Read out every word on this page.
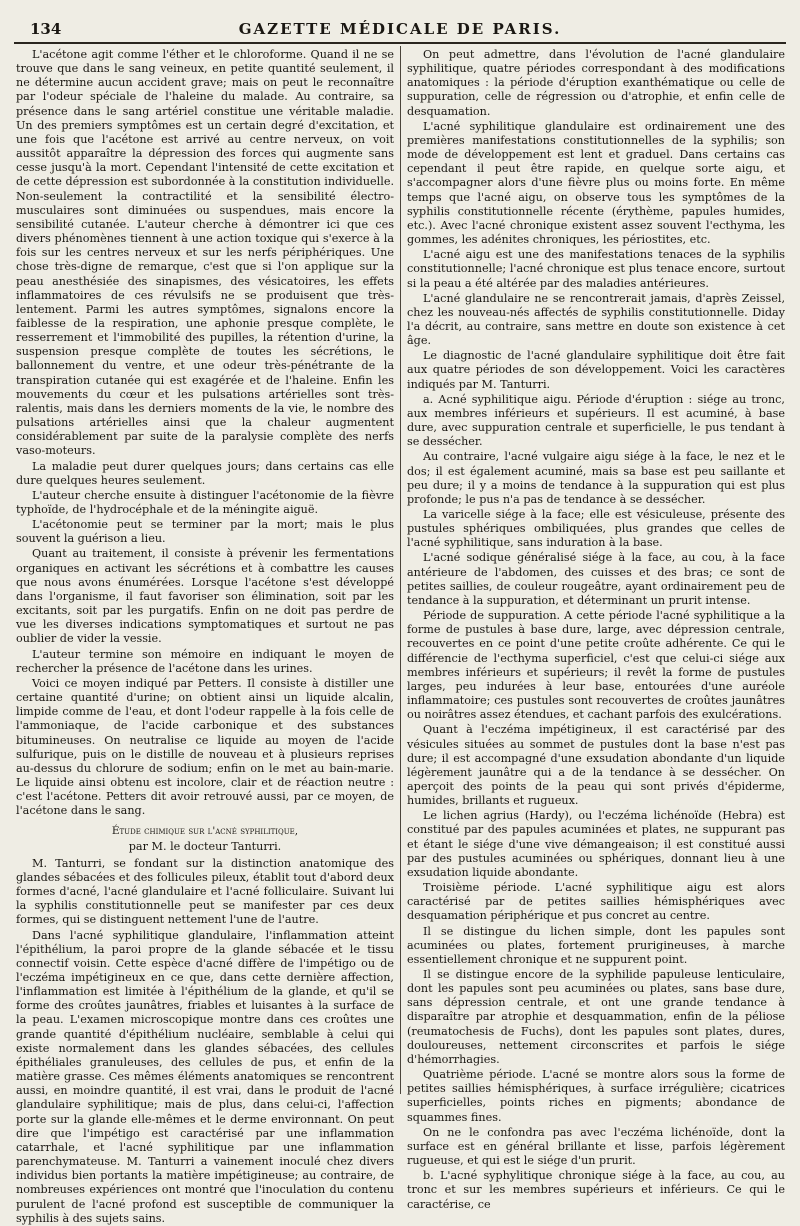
134	GAZETTE MÉDICALE DE PARIS.

L'acétone agit comme l'éther et le chloroforme. Quand il ne se trouve que dans le sang veineux, en petite quantité seulement, il ne détermine aucun accident grave; mais on peut le reconnaître par l'odeur spéciale de l'haleine du malade. Au contraire, sa présence dans le sang artériel constitue une véritable maladie. Un des premiers symptômes est un certain degré d'excitation, et une fois que l'acétone est arrivé au centre nerveux, on voit aussitôt apparaître la dépression des forces qui augmente sans cesse jusqu'à la mort. Cependant l'intensité de cette excitation et de cette dépression est subordonnée à la constitution individuelle. Non-seulement la contractilité et la sensibilité électro-musculaires sont diminuées ou suspendues, mais encore la sensibilité cutanée. L'auteur cherche à démontrer ici que ces divers phénomènes tiennent à une action toxique qui s'exerce à la fois sur les centres nerveux et sur les nerfs périphériques. Une chose très-digne de remarque, c'est que si l'on applique sur la peau anesthésiée des sinapismes, des vésicatoires, les effets inflammatoires de ces révulsifs ne se produisent que très-lentement. Parmi les autres symptômes, signalons encore la faiblesse de la respiration, une aphonie presque complète, le resserrement et l'immobilité des pupilles, la rétention d'urine, la suspension presque complète de toutes les sécrétions, le ballonnement du ventre, et une odeur très-pénétrante de la transpiration cutanée qui est exagérée et de l'haleine. Enfin les mouvements du cœur et les pulsations artérielles sont très-ralentis, mais dans les derniers moments de la vie, le nombre des pulsations artérielles ainsi que la chaleur augmentent considérablement par suite de la paralysie complète des nerfs vaso-moteurs.

La maladie peut durer quelques jours; dans certains cas elle dure quelques heures seulement.

L'auteur cherche ensuite à distinguer l'acétonomie de la fièvre typhoïde, de l'hydrocéphale et de la méningite aiguë.

L'acétonomie peut se terminer par la mort; mais le plus souvent la guérison a lieu.

Quant au traitement, il consiste à prévenir les fermentations organiques en activant les sécrétions et à combattre les causes que nous avons énumérées. Lorsque l'acétone s'est développé dans l'organisme, il faut favoriser son élimination, soit par les excitants, soit par les purgatifs. Enfin on ne doit pas perdre de vue les diverses indications symptomatiques et surtout ne pas oublier de vider la vessie.

L'auteur termine son mémoire en indiquant le moyen de rechercher la présence de l'acétone dans les urines.

Voici ce moyen indiqué par Petters. Il consiste à distiller une certaine quantité d'urine; on obtient ainsi un liquide alcalin, limpide comme de l'eau, et dont l'odeur rappelle à la fois celle de l'ammoniaque, de l'acide carbonique et des substances bitumineuses. On neutralise ce liquide au moyen de l'acide sulfurique, puis on le distille de nouveau et à plusieurs reprises au-dessus du chlorure de sodium; enfin on le met au bain-marie. Le liquide ainsi obtenu est incolore, clair et de réaction neutre : c'est l'acétone. Petters dit avoir retrouvé aussi, par ce moyen, de l'acétone dans le sang.

Étude chimique sur l'acné syphilitique,

par M. le docteur Tanturri.

M. Tanturri, se fondant sur la distinction anatomique des glandes sébacées et des follicules pileux, établit tout d'abord deux formes d'acné, l'acné glandulaire et l'acné folliculaire. Suivant lui la syphilis constitutionnelle peut se manifester par ces deux formes, qui se distinguent nettement l'une de l'autre.

Dans l'acné syphilitique glandulaire, l'inflammation atteint l'épithélium, la paroi propre de la glande sébacée et le tissu connectif voisin. Cette espèce d'acné diffère de l'impétigo ou de l'eczéma impétigineux en ce que, dans cette dernière affection, l'inflammation est limitée à l'épithélium de la glande, et qu'il se forme des croûtes jaunâtres, friables et luisantes à la surface de la peau. L'examen microscopique montre dans ces croûtes une grande quantité d'épithélium nucléaire, semblable à celui qui existe normalement dans les glandes sébacées, des cellules épithéliales granuleuses, des cellules de pus, et enfin de la matière grasse. Ces mêmes éléments anatomiques se rencontrent aussi, en moindre quantité, il est vrai, dans le produit de l'acné glandulaire syphilitique; mais de plus, dans celui-ci, l'affection porte sur la glande elle-mêmes et le derme environnant. On peut dire que l'impétigo est caractérisé par une inflammation catarrhale, et l'acné syphilitique par une inflammation parenchymateuse. M. Tanturri a vainement inoculé chez divers individus bien portants la matière impétigineuse; au contraire, de nombreuses expériences ont montré que l'inoculation du contenu purulent de l'acné profond est susceptible de communiquer la syphilis à des sujets sains.

On peut admettre, dans l'évolution de l'acné glandulaire syphilitique, quatre périodes correspondant à des modifications anatomiques : la période d'éruption exanthématique ou celle de suppuration, celle de régression ou d'atrophie, et enfin celle de desquamation.

L'acné syphilitique glandulaire est ordinairement une des premières manifestations constitutionnelles de la syphilis; son mode de développement est lent et graduel. Dans certains cas cependant il peut être rapide, en quelque sorte aigu, et s'accompagner alors d'une fièvre plus ou moins forte. En même temps que l'acné aigu, on observe tous les symptômes de la syphilis constitutionnelle récente (érythème, papules humides, etc.). Avec l'acné chronique existent assez souvent l'ecthyma, les gommes, les adénites chroniques, les périostites, etc.

L'acné aigu est une des manifestations tenaces de la syphilis constitutionnelle; l'acné chronique est plus tenace encore, surtout si la peau a été altérée par des maladies antérieures.

L'acné glandulaire ne se rencontrerait jamais, d'après Zeissel, chez les nouveau-nés affectés de syphilis constitutionnelle. Diday l'a décrit, au contraire, sans mettre en doute son existence à cet âge.

Le diagnostic de l'acné glandulaire syphilitique doit être fait aux quatre périodes de son développement. Voici les caractères indiqués par M. Tanturri.

a. Acné syphilitique aigu. Période d'éruption : siége au tronc, aux membres inférieurs et supérieurs. Il est acuminé, à base dure, avec suppuration centrale et superficielle, le pus tendant à se dessécher.

Au contraire, l'acné vulgaire aigu siége à la face, le nez et le dos; il est également acuminé, mais sa base est peu saillante et peu dure; il y a moins de tendance à la suppuration qui est plus profonde; le pus n'a pas de tendance à se dessécher.

La varicelle siége à la face; elle est vésiculeuse, présente des pustules sphériques ombiliquées, plus grandes que celles de l'acné syphilitique, sans induration à la base.

L'acné sodique généralisé siége à la face, au cou, à la face antérieure de l'abdomen, des cuisses et des bras; ce sont de petites saillies, de couleur rougeâtre, ayant ordinairement peu de tendance à la suppuration, et déterminant un prurit intense.

Période de suppuration. A cette période l'acné syphilitique a la forme de pustules à base dure, large, avec dépression centrale, recouvertes en ce point d'une petite croûte adhérente. Ce qui le différencie de l'ecthyma superficiel, c'est que celui-ci siége aux membres inférieurs et supérieurs; il revêt la forme de pustules larges, peu indurées à leur base, entourées d'une auréole inflammatoire; ces pustules sont recouvertes de croûtes jaunâtres ou noirâtres assez étendues, et cachant parfois des exulcérations.

Quant à l'eczéma impétigineux, il est caractérisé par des vésicules situées au sommet de pustules dont la base n'est pas dure; il est accompagné d'une exsudation abondante d'un liquide légèrement jaunâtre qui a de la tendance à se dessécher. On aperçoit des points de la peau qui sont privés d'épiderme, humides, brillants et rugueux.

Le lichen agrius (Hardy), ou l'eczéma lichénoïde (Hebra) est constitué par des papules acuminées et plates, ne suppurant pas et étant le siége d'une vive démangeaison; il est constitué aussi par des pustules acuminées ou sphériques, donnant lieu à une exsudation liquide abondante.

Troisième période. L'acné syphilitique aigu est alors caractérisé par de petites saillies hémisphériques avec desquamation périphérique et pus concret au centre.

Il se distingue du lichen simple, dont les papules sont acuminées ou plates, fortement prurigineuses, à marche essentiellement chronique et ne suppurent point.

Il se distingue encore de la syphilide papuleuse lenticulaire, dont les papules sont peu acuminées ou plates, sans base dure, sans dépression centrale, et ont une grande tendance à disparaître par atrophie et desquammation, enfin de la péliose (reumatochesis de Fuchs), dont les papules sont plates, dures, douloureuses, nettement circonscrites et parfois le siége d'hémorrhagies.

Quatrième période. L'acné se montre alors sous la forme de petites saillies hémisphériques, à surface irrégulière; cicatrices superficielles, points riches en pigments; abondance de squammes fines.

On ne le confondra pas avec l'eczéma lichénoïde, dont la surface est en général brillante et lisse, parfois légèrement rugueuse, et qui est le siége d'un prurit.

b. L'acné syphylitique chronique siége à la face, au cou, au tronc et sur les membres supérieurs et inférieurs. Ce qui le caractérise, ce
